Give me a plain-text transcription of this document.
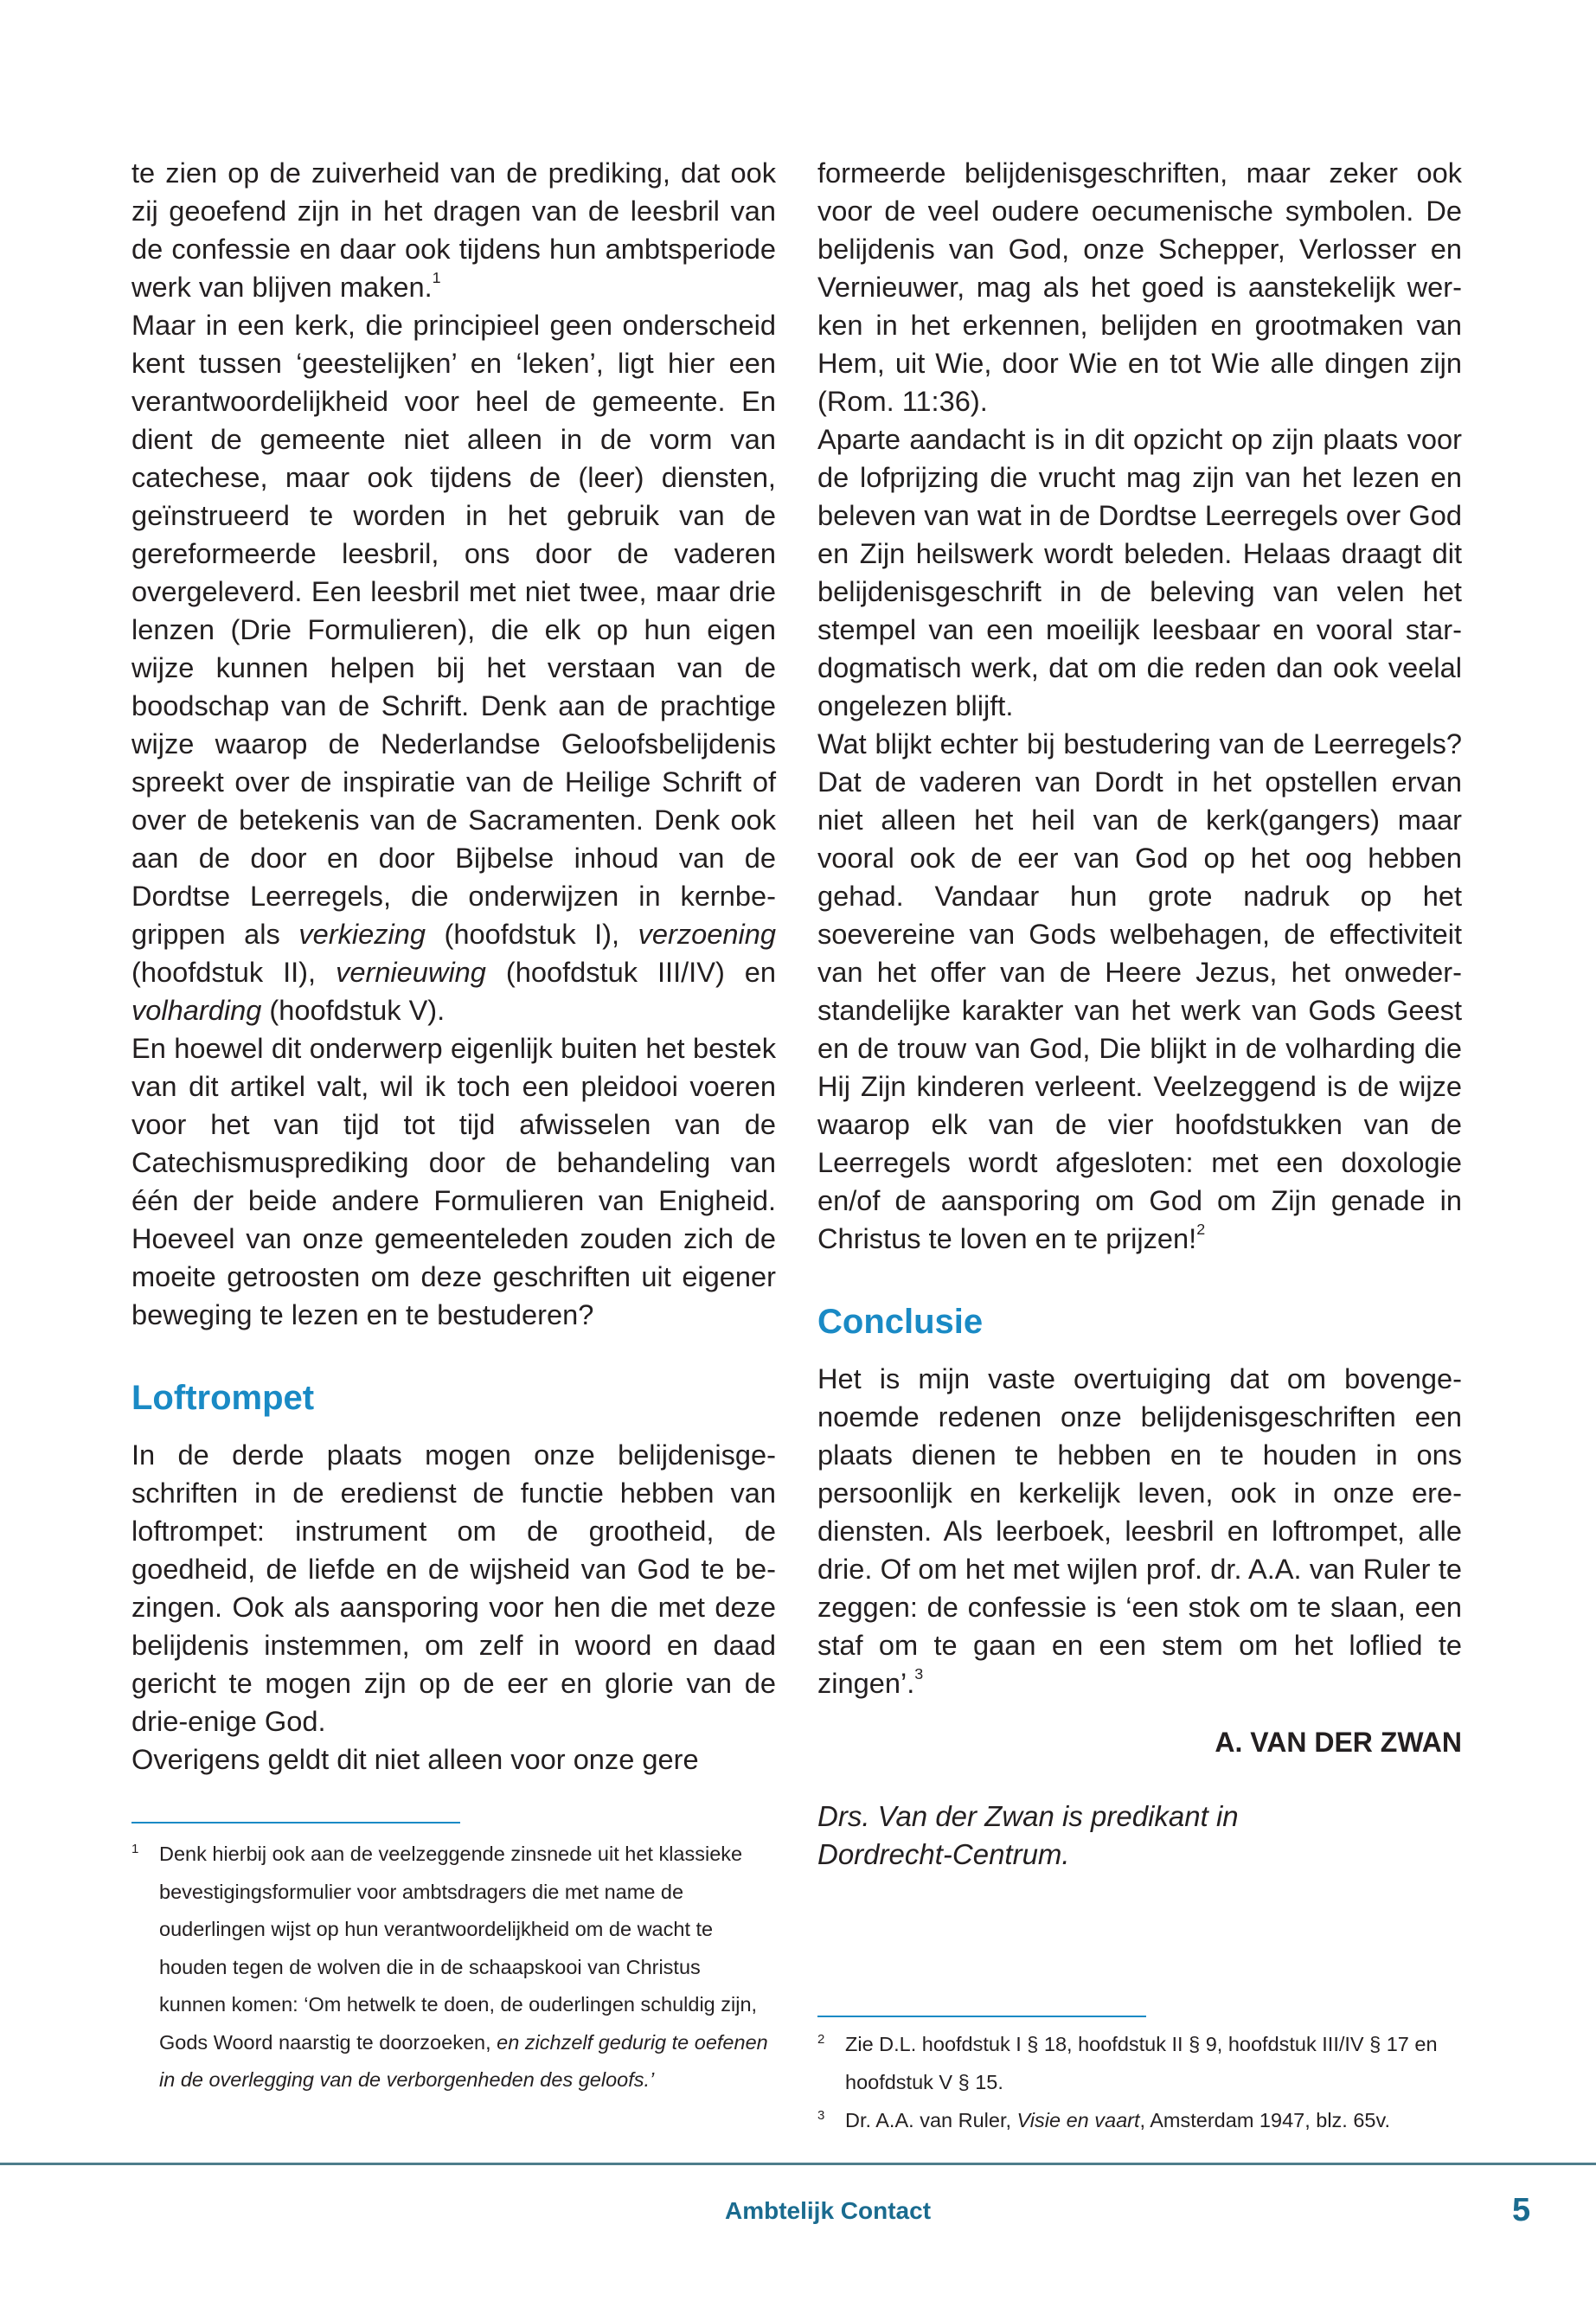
te zien op de zuiverheid van de prediking, dat ook zij geoefend zijn in het dragen van de leesbril van de confessie en daar ook tijdens hun ambtsperiode werk van blijven maken.$^1$

Maar in een kerk, die principieel geen onderscheid kent tussen ‘geestelijken’ en ‘leken’, ligt hier een verantwoordelijkheid voor heel de gemeente. En dient de gemeente niet alleen in de vorm van catechese, maar ook tijdens de (leer) diensten, geïnstrueerd te worden in het gebruik van de gereformeerde leesbril, ons door de vaderen overgeleverd. Een leesbril met niet twee, maar drie lenzen (Drie Formulieren), die elk op hun eigen wijze kunnen helpen bij het verstaan van de boodschap van de Schrift. Denk aan de prachtige wijze waarop de Nederlandse Geloofsbelijdenis spreekt over de inspiratie van de Heilige Schrift of over de betekenis van de Sacramenten. Denk ook aan de door en door Bijbelse inhoud van de Dordtse Leerregels, die onderwijzen in kernbegrippen als verkiezing (hoofdstuk I), verzoening (hoofdstuk II), vernieuwing (hoofdstuk III/IV) en volharding (hoofdstuk V).

En hoewel dit onderwerp eigenlijk buiten het bestek van dit artikel valt, wil ik toch een pleidooi voeren voor het van tijd tot tijd afwisselen van de Catechismusprediking door de behandeling van één der beide andere Formulieren van Enigheid. Hoeveel van onze gemeenteleden zouden zich de moeite getroosten om deze geschriften uit eigener beweging te lezen en te bestuderen?

Loftrompet

In de derde plaats mogen onze belijdenisgeschriften in de eredienst de functie hebben van loftrompet: instrument om de grootheid, de goedheid, de liefde en de wijsheid van God te bezingen. Ook als aansporing voor hen die met deze belijdenis instemmen, om zelf in woord en daad gericht te mogen zijn op de eer en glorie van de drie-enige God.

Overigens geldt dit niet alleen voor onze gere

formeerde belijdenisgeschriften, maar zeker ook voor de veel oudere oecumenische symbolen. De belijdenis van God, onze Schepper, Verlosser en Vernieuwer, mag als het goed is aanstekelijk werken in het erkennen, belijden en grootmaken van Hem, uit Wie, door Wie en tot Wie alle dingen zijn (Rom. 11:36).

Aparte aandacht is in dit opzicht op zijn plaats voor de lofprijzing die vrucht mag zijn van het lezen en beleven van wat in de Dordtse Leerregels over God en Zijn heilswerk wordt beleden. Helaas draagt dit belijdenisgeschrift in de beleving van velen het stempel van een moeilijk leesbaar en vooral star-dogmatisch werk, dat om die reden dan ook veelal ongelezen blijft.

Wat blijkt echter bij bestudering van de Leerregels? Dat de vaderen van Dordt in het opstellen ervan niet alleen het heil van de kerk(gangers) maar vooral ook de eer van God op het oog hebben gehad. Vandaar hun grote nadruk op het soevereine van Gods welbehagen, de effectiviteit van het offer van de Heere Jezus, het onwederstandelijke karakter van het werk van Gods Geest en de trouw van God, Die blijkt in de volharding die Hij Zijn kinderen verleent. Veelzeggend is de wijze waarop elk van de vier hoofdstukken van de Leerregels wordt afgesloten: met een doxologie en/of de aansporing om God om Zijn genade in Christus te loven en te prijzen!$^2$

Conclusie

Het is mijn vaste overtuiging dat om bovengenoemde redenen onze belijdenisgeschriften een plaats dienen te hebben en te houden in ons persoonlijk en kerkelijk leven, ook in onze erediensten. Als leerboek, leesbril en loftrompet, alle drie. Of om het met wijlen prof. dr. A.A. van Ruler te zeggen: de confessie is ‘een stok om te slaan, een staf om te gaan en een stem om het loflied te zingen’.$^3$

A. VAN DER ZWAN

Drs. Van der Zwan is predikant in
Dordrecht-Centrum.

1 Denk hierbij ook aan de veelzeggende zinsnede uit het klassieke bevestigingsformulier voor ambtsdragers die met name de ouderlingen wijst op hun verantwoordelijkheid om de wacht te houden tegen de wolven die in de schaapskooi van Christus kunnen komen: ‘Om hetwelk te doen, de ouderlingen schuldig zijn, Gods Woord naarstig te doorzoeken, en zichzelf gedurig te oefenen in de overlegging van de verborgenheden des geloofs.’
2 Zie D.L. hoofdstuk I § 18, hoofdstuk II § 9, hoofdstuk III/IV § 17 en hoofdstuk V § 15.
3 Dr. A.A. van Ruler, Visie en vaart, Amsterdam 1947, blz. 65v.
Ambtelijk Contact	5
